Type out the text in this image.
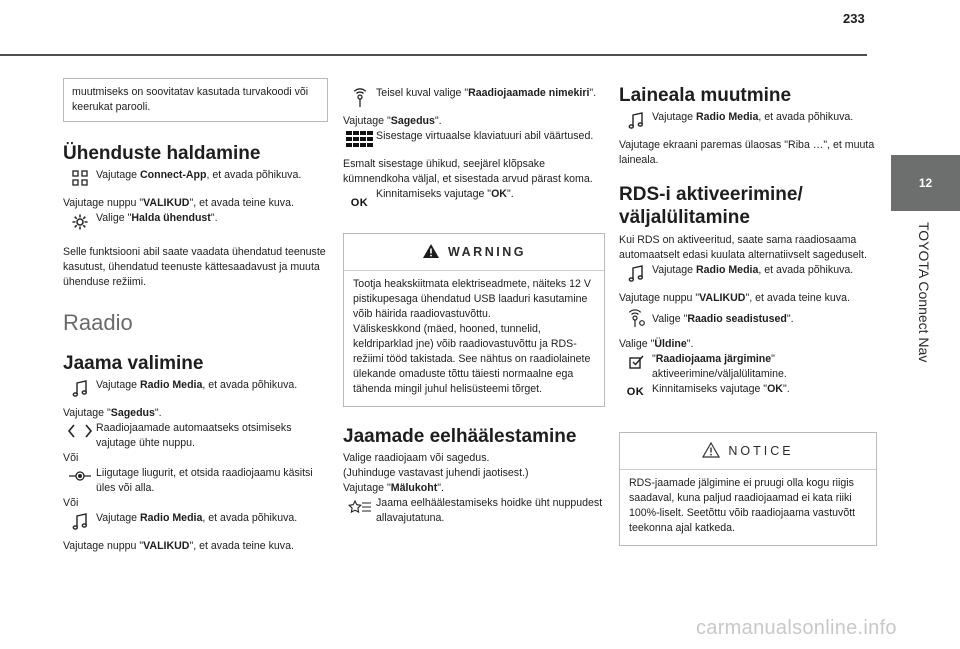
233
12
TOYOTA Connect Nav

muutmiseks on soovitatav kasutada turvakoodi või keerukat parooli.

Ühenduste haldamine

Vajutage Connect-App, et avada põhikuva.

Vajutage nuppu "VALIKUD", et avada teine kuva.

Valige "Halda ühendust".

Selle funktsiooni abil saate vaadata ühendatud teenuste kasutust, ühendatud teenuste kättesaadavust ja muuta ühenduse režiimi.

Raadio
Jaama valimine

Vajutage Radio Media, et avada põhikuva.

Vajutage "Sagedus".

Raadiojaamade automaatseks otsimiseks vajutage ühte nuppu.

Või

Liigutage liugurit, et otsida raadiojaamu käsitsi üles või alla.

Või

Vajutage Radio Media, et avada põhikuva.

Vajutage nuppu "VALIKUD", et avada teine kuva.

Teisel kuval valige "Raadiojaamade nimekiri".

Vajutage "Sagedus".

Sisestage virtuaalse klaviatuuri abil väärtused.

Esmalt sisestage ühikud, seejärel klõpsake kümnendkoha väljal, et sisestada arvud pärast koma.

OK

Kinnitamiseks vajutage "OK".

WARNING

Tootja heakskiitmata elektriseadmete, näiteks 12 V pistikupesaga ühendatud USB laaduri kasutamine võib häirida raadiovastuvõttu.
Väliskeskkond (mäed, hooned, tunnelid, keldriparklad jne) võib raadiovastuvõttu ja RDS-režiimi tööd takistada. See nähtus on raadiolainete ülekande omaduste tõttu täiesti normaalne ega tähenda mingil juhul helisüsteemi tõrget.

Jaamade eelhäälestamine

Valige raadiojaam või sagedus.

(Juhinduge vastavast juhendi jaotisest.)

Vajutage "Mälukoht".

Jaama eelhäälestamiseks hoidke üht nuppudest allavajutatuna.

Laineala muutmine

Vajutage Radio Media, et avada põhikuva.

Vajutage ekraani paremas ülaosas "Riba …", et muuta laineala.

RDS-i aktiveerimine/
väljalülitamine

Kui RDS on aktiveeritud, saate sama raadiosaama automaatselt edasi kuulata alternatiivselt sageduselt.

Vajutage Radio Media, et avada põhikuva.

Vajutage nuppu "VALIKUD", et avada teine kuva.

Valige "Raadio seadistused".

Valige "Üldine".

"Raadiojaama järgimine" aktiveerimine/väljalülitamine.

OK Kinnitamiseks vajutage "OK".

NOTICE

RDS-jaamade jälgimine ei pruugi olla kogu riigis saadaval, kuna paljud raadiojaamad ei kata riiki 100%-liselt. Seetõttu võib raadiojaama vastuvõtt teekonna ajal katkeda.

carmanualsonline.info
